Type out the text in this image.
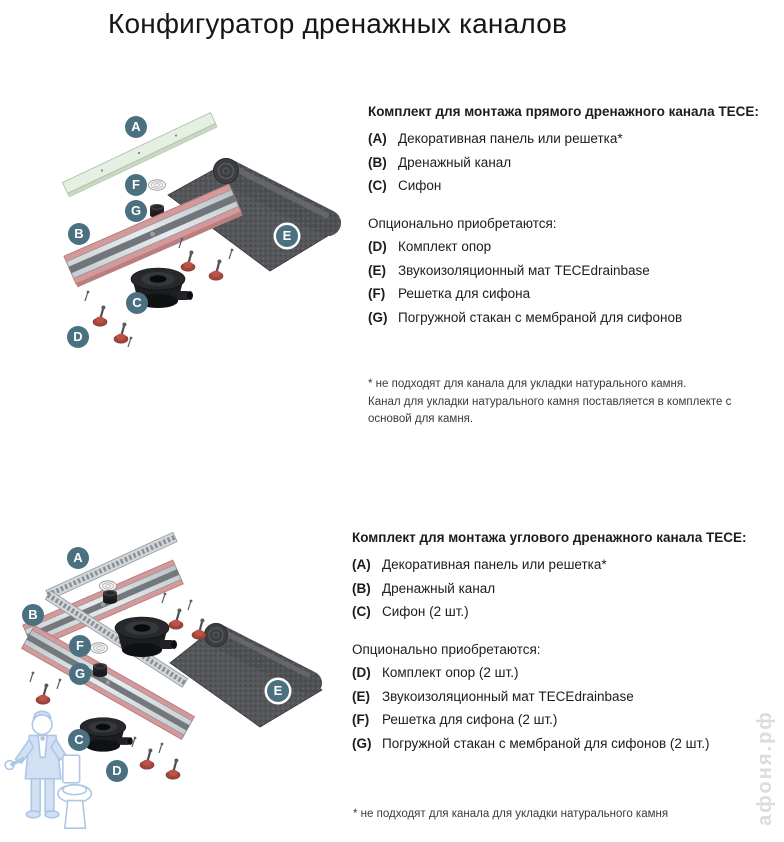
Конфигуратор дренажных каналов
A
F
G
B	E
C
D
Комплект для монтажа прямого дренажного канала TECE:
(A) Декоративная панель или решетка*
(B) Дренажный канал
(C) Сифон
Опционально приобретаются:
(D) Комплект опор
(E) Звукоизоляционный мат TECEdrainbase
(F) Решетка для сифона
(G) Погружной стакан с мембраной для сифонов
* не подходят для канала для укладки натурального камня.
Канал для укладки натурального камня поставляется в комплекте с
основой для камня.
A
B
F
G
C
D
E
Комплект для монтажа углового дренажного канала TECE:
(A) Декоративная панель или решетка*
(B) Дренажный канал
(C) Сифон (2 шт.)
Опционально приобретаются:
(D) Комплект опор (2 шт.)
(E) Звукоизоляционный мат TECEdrainbase
(F) Решетка для сифона (2 шт.)
(G) Погружной стакан с мембраной для сифонов (2 шт.)
* не подходят для канала для укладки натурального камня	афоня.рф
